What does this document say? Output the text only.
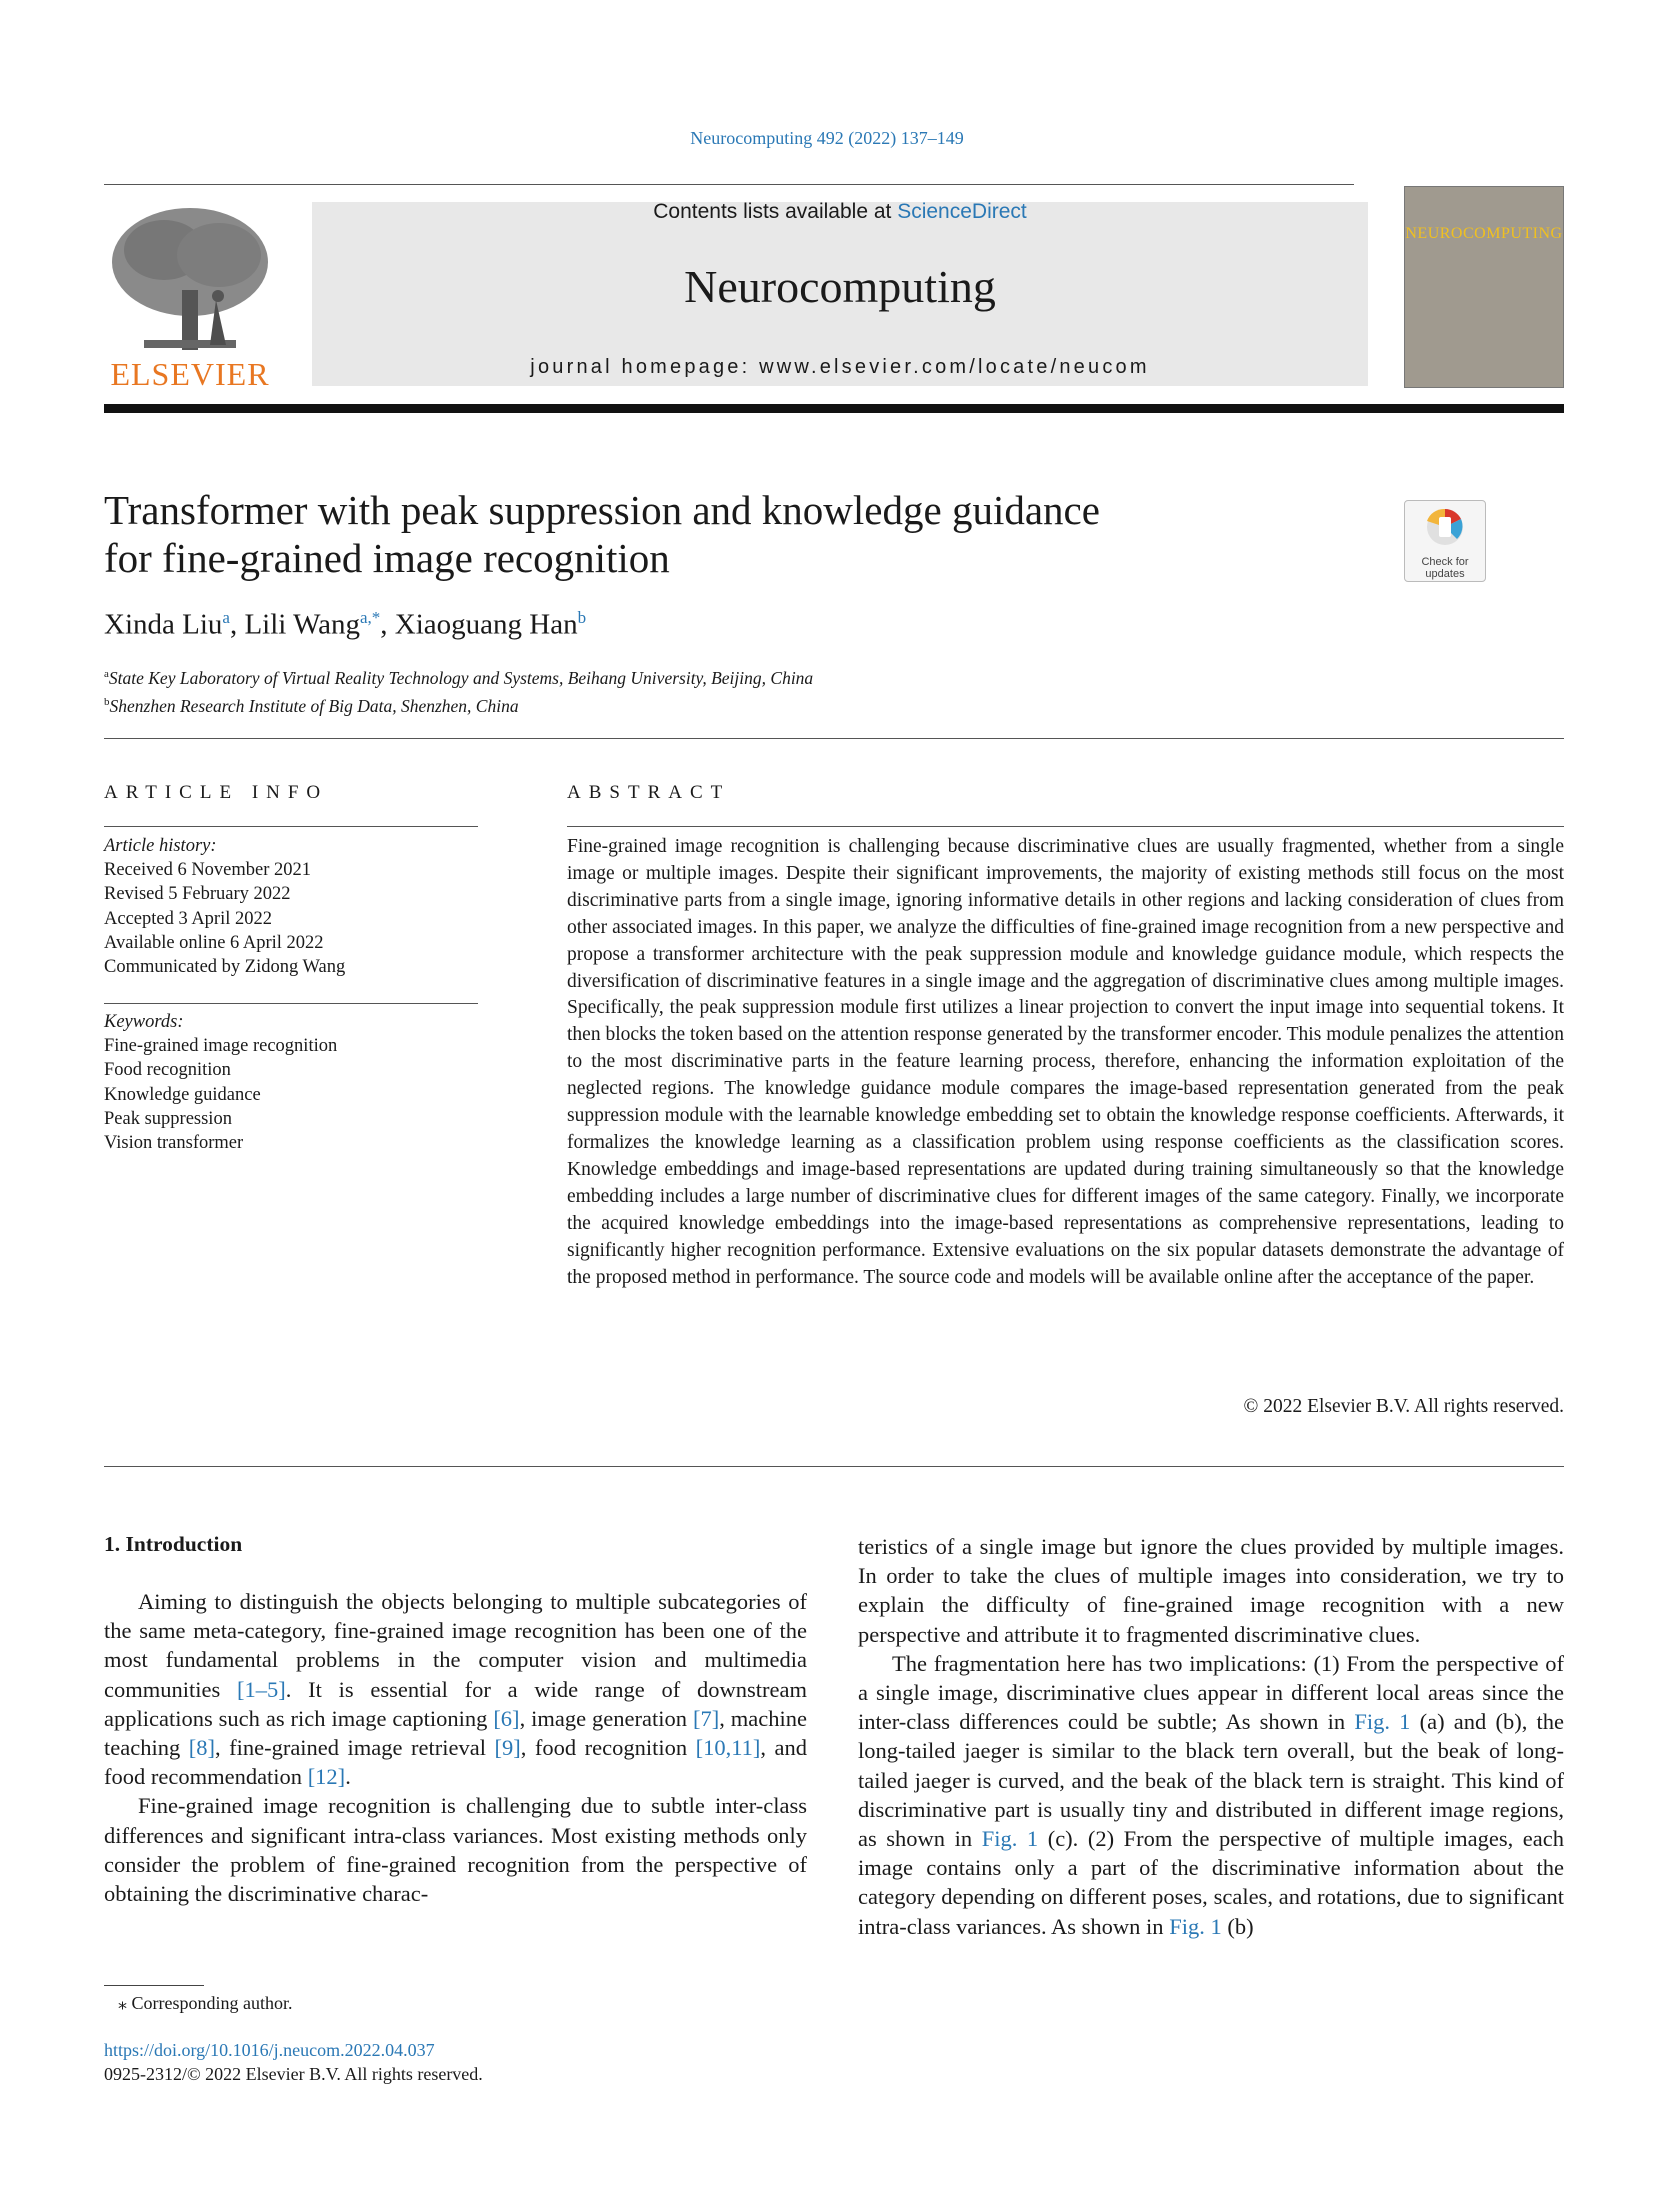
Neurocomputing 492 (2022) 137–149
ELSEVIER
Contents lists available at ScienceDirect
Neurocomputing
journal homepage: www.elsevier.com/locate/neucom
NEUROCOMPUTING
Transformer with peak suppression and knowledge guidance
for fine-grained image recognition	Check for updates
Xinda Liu$^a$, Lili Wang$^{a,*}$, Xiaoguang Han$^b$
$^a$State Key Laboratory of Virtual Reality Technology and Systems, Beihang University, Beijing, China
$^b$Shenzhen Research Institute of Big Data, Shenzhen, China
ARTICLE INFO	ABSTRACT
Article history:
Received 6 November 2021
Revised 5 February 2022
Accepted 3 April 2022
Available online 6 April 2022
Communicated by Zidong Wang
Keywords:
Fine-grained image recognition
Food recognition
Knowledge guidance
Peak suppression
Vision transformer
Fine-grained image recognition is challenging because discriminative clues are usually fragmented, whether from a single image or multiple images. Despite their significant improvements, the majority of existing methods still focus on the most discriminative parts from a single image, ignoring informative details in other regions and lacking consideration of clues from other associated images. In this paper, we analyze the difficulties of fine-grained image recognition from a new perspective and propose a transformer architecture with the peak suppression module and knowledge guidance module, which respects the diversification of discriminative features in a single image and the aggregation of discriminative clues among multiple images. Specifically, the peak suppression module first utilizes a linear projection to convert the input image into sequential tokens. It then blocks the token based on the attention response generated by the transformer encoder. This module penalizes the attention to the most discriminative parts in the feature learning process, therefore, enhancing the information exploitation of the neglected regions. The knowledge guidance module compares the image-based representation generated from the peak suppression module with the learnable knowledge embedding set to obtain the knowledge response coefficients. Afterwards, it formalizes the knowledge learning as a classification problem using response coefficients as the classification scores. Knowledge embeddings and image-based representations are updated during training simultaneously so that the knowledge embedding includes a large number of discriminative clues for different images of the same category. Finally, we incorporate the acquired knowledge embeddings into the image-based representations as comprehensive representations, leading to significantly higher recognition performance. Extensive evaluations on the six popular datasets demonstrate the advantage of the proposed method in performance. The source code and models will be available online after the acceptance of the paper.
© 2022 Elsevier B.V. All rights reserved.
1. Introduction

Aiming to distinguish the objects belonging to multiple subcategories of the same meta-category, fine-grained image recognition has been one of the most fundamental problems in the computer vision and multimedia communities [1–5]. It is essential for a wide range of downstream applications such as rich image captioning [6], image generation [7], machine teaching [8], fine-grained image retrieval [9], food recognition [10,11], and food recommendation [12].

Fine-grained image recognition is challenging due to subtle inter-class differences and significant intra-class variances. Most existing methods only consider the problem of fine-grained recognition from the perspective of obtaining the discriminative charac-

teristics of a single image but ignore the clues provided by multiple images. In order to take the clues of multiple images into consideration, we try to explain the difficulty of fine-grained image recognition with a new perspective and attribute it to fragmented discriminative clues.

The fragmentation here has two implications: (1) From the perspective of a single image, discriminative clues appear in different local areas since the inter-class differences could be subtle; As shown in Fig. 1 (a) and (b), the long-tailed jaeger is similar to the black tern overall, but the beak of long-tailed jaeger is curved, and the beak of the black tern is straight. This kind of discriminative part is usually tiny and distributed in different image regions, as shown in Fig. 1 (c). (2) From the perspective of multiple images, each image contains only a part of the discriminative information about the category depending on different poses, scales, and rotations, due to significant intra-class variances. As shown in Fig. 1 (b)

⁎ Corresponding author.
https://doi.org/10.1016/j.neucom.2022.04.037
0925-2312/© 2022 Elsevier B.V. All rights reserved.
